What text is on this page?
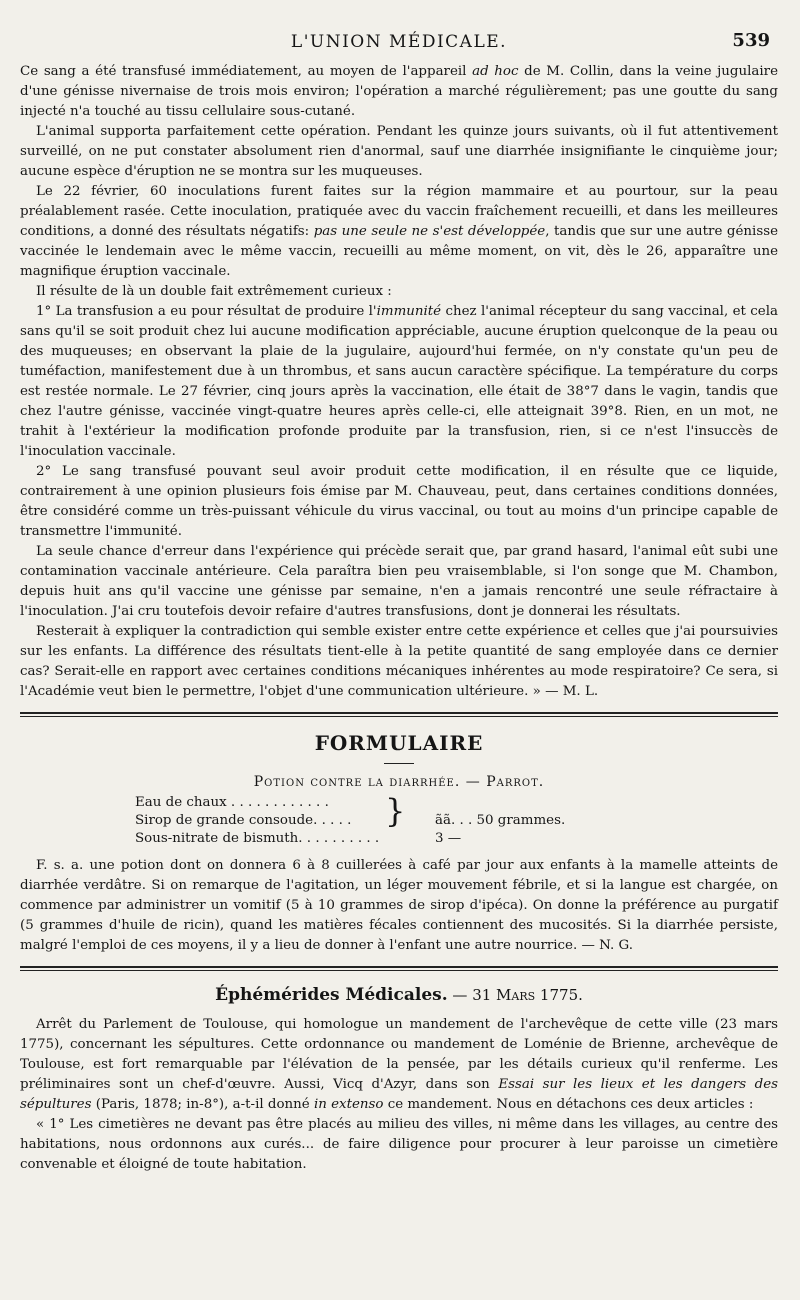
L'UNION MÉDICALE.	539

Ce sang a été transfusé immédiatement, au moyen de l'appareil ad hoc de M. Collin, dans la veine jugulaire d'une génisse nivernaise de trois mois environ; l'opération a marché régulièrement; pas une goutte du sang injecté n'a touché au tissu cellulaire sous-cutané.

L'animal supporta parfaitement cette opération. Pendant les quinze jours suivants, où il fut attentivement surveillé, on ne put constater absolument rien d'anormal, sauf une diarrhée insignifiante le cinquième jour; aucune espèce d'éruption ne se montra sur les muqueuses.

Le 22 février, 60 inoculations furent faites sur la région mammaire et au pourtour, sur la peau préalablement rasée. Cette inoculation, pratiquée avec du vaccin fraîchement recueilli, et dans les meilleures conditions, a donné des résultats négatifs: pas une seule ne s'est développée, tandis que sur une autre génisse vaccinée le lendemain avec le même vaccin, recueilli au même moment, on vit, dès le 26, apparaître une magnifique éruption vaccinale.

Il résulte de là un double fait extrêmement curieux :

1° La transfusion a eu pour résultat de produire l'immunité chez l'animal récepteur du sang vaccinal, et cela sans qu'il se soit produit chez lui aucune modification appréciable, aucune éruption quelconque de la peau ou des muqueuses; en observant la plaie de la jugulaire, aujourd'hui fermée, on n'y constate qu'un peu de tuméfaction, manifestement due à un thrombus, et sans aucun caractère spécifique. La température du corps est restée normale. Le 27 février, cinq jours après la vaccination, elle était de 38°7 dans le vagin, tandis que chez l'autre génisse, vaccinée vingt-quatre heures après celle-ci, elle atteignait 39°8. Rien, en un mot, ne trahit à l'extérieur la modification profonde produite par la transfusion, rien, si ce n'est l'insuccès de l'inoculation vaccinale.

2° Le sang transfusé pouvant seul avoir produit cette modification, il en résulte que ce liquide, contrairement à une opinion plusieurs fois émise par M. Chauveau, peut, dans certaines conditions données, être considéré comme un très-puissant véhicule du virus vaccinal, ou tout au moins d'un principe capable de transmettre l'immunité.

La seule chance d'erreur dans l'expérience qui précède serait que, par grand hasard, l'animal eût subi une contamination vaccinale antérieure. Cela paraîtra bien peu vraisemblable, si l'on songe que M. Chambon, depuis huit ans qu'il vaccine une génisse par semaine, n'en a jamais rencontré une seule réfractaire à l'inoculation. J'ai cru toutefois devoir refaire d'autres transfusions, dont je donnerai les résultats.

Resterait à expliquer la contradiction qui semble exister entre cette expérience et celles que j'ai poursuivies sur les enfants. La différence des résultats tient-elle à la petite quantité de sang employée dans ce dernier cas? Serait-elle en rapport avec certaines conditions mécaniques inhérentes au mode respiratoire? Ce sera, si l'Académie veut bien le permettre, l'objet d'une communication ultérieure. » — M. L.

FORMULAIRE
Potion contre la diarrhée. — Parrot.
Eau de chaux . . . . . . . . . . . .
Sirop de grande consoude. . . . .	ãã. . . 50 grammes.
Sous-nitrate de bismuth. . . . . . . . . .	3 —
}

F. s. a. une potion dont on donnera 6 à 8 cuillerées à café par jour aux enfants à la mamelle atteints de diarrhée verdâtre. Si on remarque de l'agitation, un léger mouvement fébrile, et si la langue est chargée, on commence par administrer un vomitif (5 à 10 grammes de sirop d'ipéca). On donne la préférence au purgatif (5 grammes d'huile de ricin), quand les matières fécales contiennent des mucosités. Si la diarrhée persiste, malgré l'emploi de ces moyens, il y a lieu de donner à l'enfant une autre nourrice. — N. G.

Éphémérides Médicales. — 31 Mars 1775.

Arrêt du Parlement de Toulouse, qui homologue un mandement de l'archevêque de cette ville (23 mars 1775), concernant les sépultures. Cette ordonnance ou mandement de Loménie de Brienne, archevêque de Toulouse, est fort remarquable par l'élévation de la pensée, par les détails curieux qu'il renferme. Les préliminaires sont un chef-d'œuvre. Aussi, Vicq d'Azyr, dans son Essai sur les lieux et les dangers des sépultures (Paris, 1878; in-8°), a-t-il donné in extenso ce mandement. Nous en détachons ces deux articles :

« 1° Les cimetières ne devant pas être placés au milieu des villes, ni même dans les villages, au centre des habitations, nous ordonnons aux curés... de faire diligence pour procurer à leur paroisse un cimetière convenable et éloigné de toute habitation.
